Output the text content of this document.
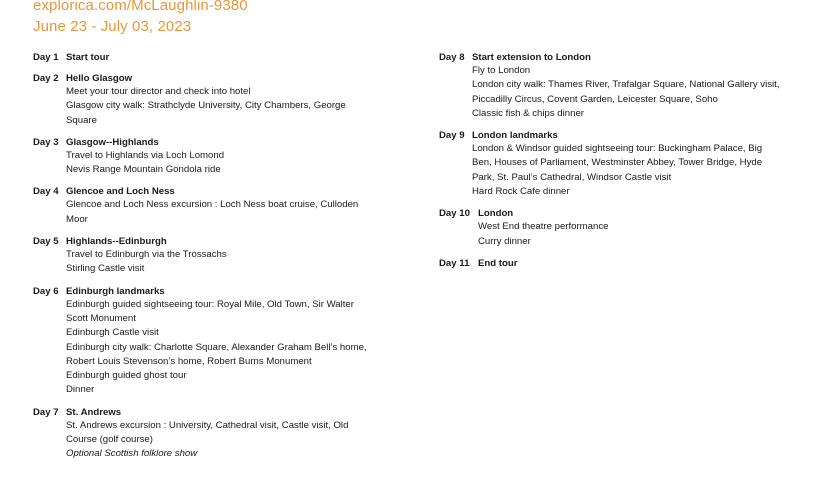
explorica.com/McLaughlin-9380
June 23 - July 03, 2023
Day 1 Start tour
Day 2 Hello Glasgow
Meet your tour director and check into hotel
Glasgow city walk: Strathclyde University, City Chambers, George
Square
Day 3 Glasgow--Highlands
Travel to Highlands via Loch Lomond
Nevis Range Mountain Gondola ride
Day 4 Glencoe and Loch Ness
Glencoe and Loch Ness excursion : Loch Ness boat cruise, Culloden
Moor
Day 5 Highlands--Edinburgh
Travel to Edinburgh via the Trossachs
Stirling Castle visit
Day 6 Edinburgh landmarks
Edinburgh guided sightseeing tour: Royal Mile, Old Town, Sir Walter
Scott Monument
Edinburgh Castle visit
Edinburgh city walk: Charlotte Square, Alexander Graham Bell’s home,
Robert Louis Stevenson’s home, Robert Burns Monument
Edinburgh guided ghost tour
Dinner
Day 7 St. Andrews
St. Andrews excursion : University, Cathedral visit, Castle visit, Old
Course (golf course)
Optional Scottish folklore show
Day 8 Start extension to London
Fly to London
London city walk: Thames River, Trafalgar Square, National Gallery visit,
Piccadilly Circus, Covent Garden, Leicester Square, Soho
Classic fish & chips dinner
Day 9 London landmarks
London & Windsor guided sightseeing tour: Buckingham Palace, Big
Ben, Houses of Parliament, Westminster Abbey, Tower Bridge, Hyde
Park, St. Paul’s Cathedral, Windsor Castle visit
Hard Rock Cafe dinner
Day 10 London
West End theatre performance
Curry dinner
Day 11 End tour
